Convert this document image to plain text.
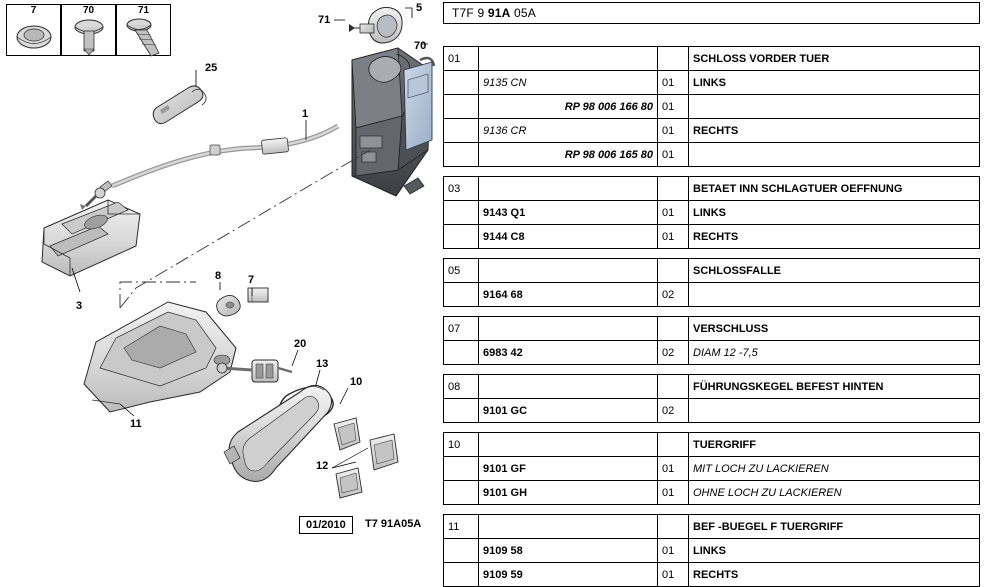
7	70	71
25
71
5
70
1
3
8 7
11
20
13
10
12
01/2010	T7 91A05A
T7F 9 91A 05A
01			SCHLOSS VORDER TUER
	9135 CN	01	LINKS
	RP 98 006 166 80	01	
	9136 CR	01	RECHTS
	RP 98 006 165 80	01	

03			BETAET INN SCHLAGTUER OEFFNUNG
	9143 Q1	01	LINKS
	9144 C8	01	RECHTS

05			SCHLOSSFALLE
	9164 68	02	

07			VERSCHLUSS
	6983 42	02	DIAM 12 -7,5

08			FÜHRUNGSKEGEL BEFEST HINTEN
	9101 GC	02	

10			TUERGRIFF
	9101 GF	01	MIT LOCH ZU LACKIEREN
	9101 GH	01	OHNE LOCH ZU LACKIEREN

11			BEF -BUEGEL F TUERGRIFF
	9109 58	01	LINKS
	9109 59	01	RECHTS
